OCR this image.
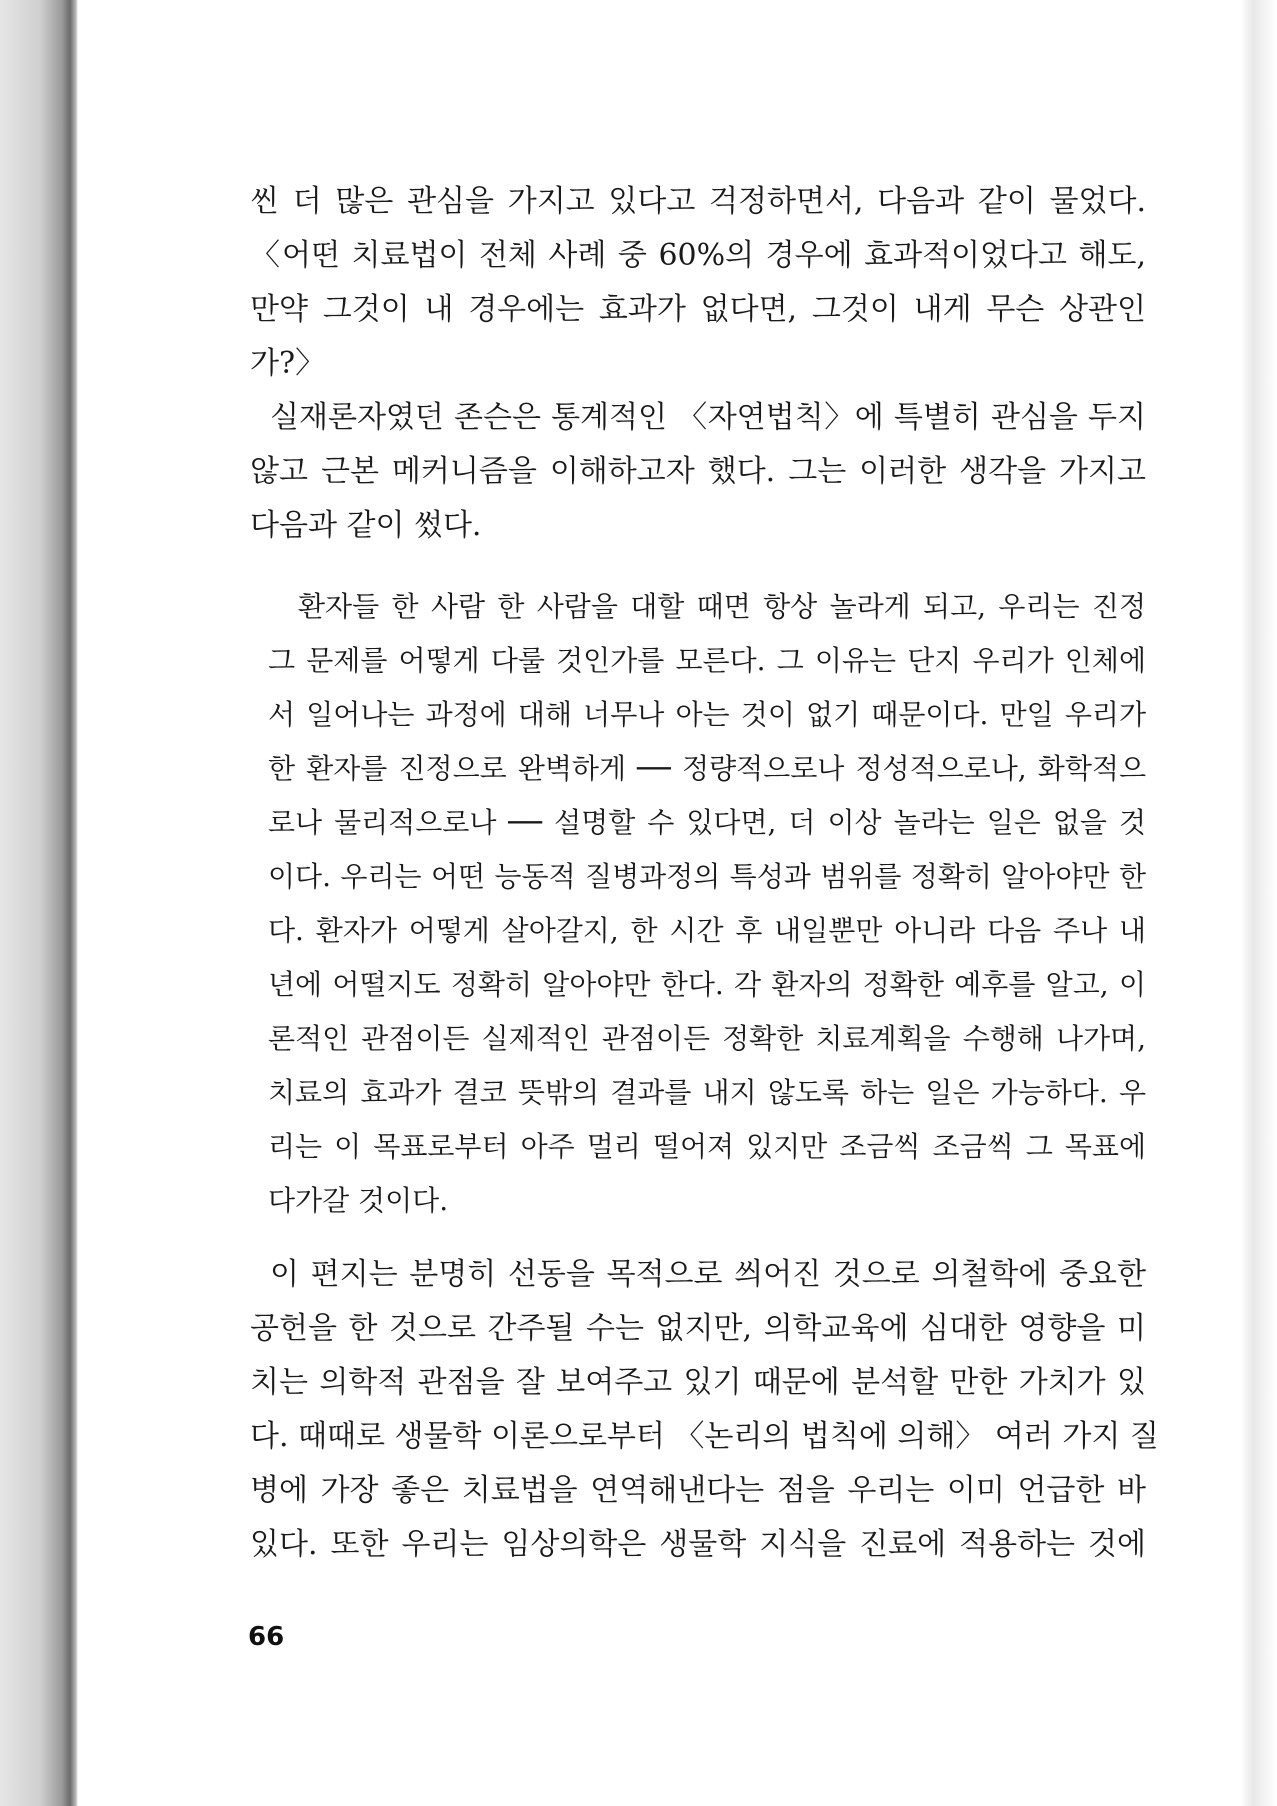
씬 더 많은 관심을 가지고 있다고 걱정하면서, 다음과 같이 물었다.
〈어떤 치료법이 전체 사례 중 60%의 경우에 효과적이었다고 해도,
만약 그것이 내 경우에는 효과가 없다면, 그것이 내게 무슨 상관인
가?〉
실재론자였던 존슨은 통계적인 〈자연법칙〉에 특별히 관심을 두지
않고 근본 메커니즘을 이해하고자 했다. 그는 이러한 생각을 가지고
다음과 같이 썼다.
환자들 한 사람 한 사람을 대할 때면 항상 놀라게 되고, 우리는 진정
그 문제를 어떻게 다룰 것인가를 모른다. 그 이유는 단지 우리가 인체에
서 일어나는 과정에 대해 너무나 아는 것이 없기 때문이다. 만일 우리가
한 환자를 진정으로 완벽하게 ── 정량적으로나 정성적으로나, 화학적으
로나 물리적으로나 ── 설명할 수 있다면, 더 이상 놀라는 일은 없을 것
이다. 우리는 어떤 능동적 질병과정의 특성과 범위를 정확히 알아야만 한
다. 환자가 어떻게 살아갈지, 한 시간 후 내일뿐만 아니라 다음 주나 내
년에 어떨지도 정확히 알아야만 한다. 각 환자의 정확한 예후를 알고, 이
론적인 관점이든 실제적인 관점이든 정확한 치료계획을 수행해 나가며,
치료의 효과가 결코 뜻밖의 결과를 내지 않도록 하는 일은 가능하다. 우
리는 이 목표로부터 아주 멀리 떨어져 있지만 조금씩 조금씩 그 목표에
다가갈 것이다.
이 편지는 분명히 선동을 목적으로 씌어진 것으로 의철학에 중요한
공헌을 한 것으로 간주될 수는 없지만, 의학교육에 심대한 영향을 미
치는 의학적 관점을 잘 보여주고 있기 때문에 분석할 만한 가치가 있
다. 때때로 생물학 이론으로부터 〈논리의 법칙에 의해〉 여러 가지 질
병에 가장 좋은 치료법을 연역해낸다는 점을 우리는 이미 언급한 바
있다. 또한 우리는 임상의학은 생물학 지식을 진료에 적용하는 것에
66
